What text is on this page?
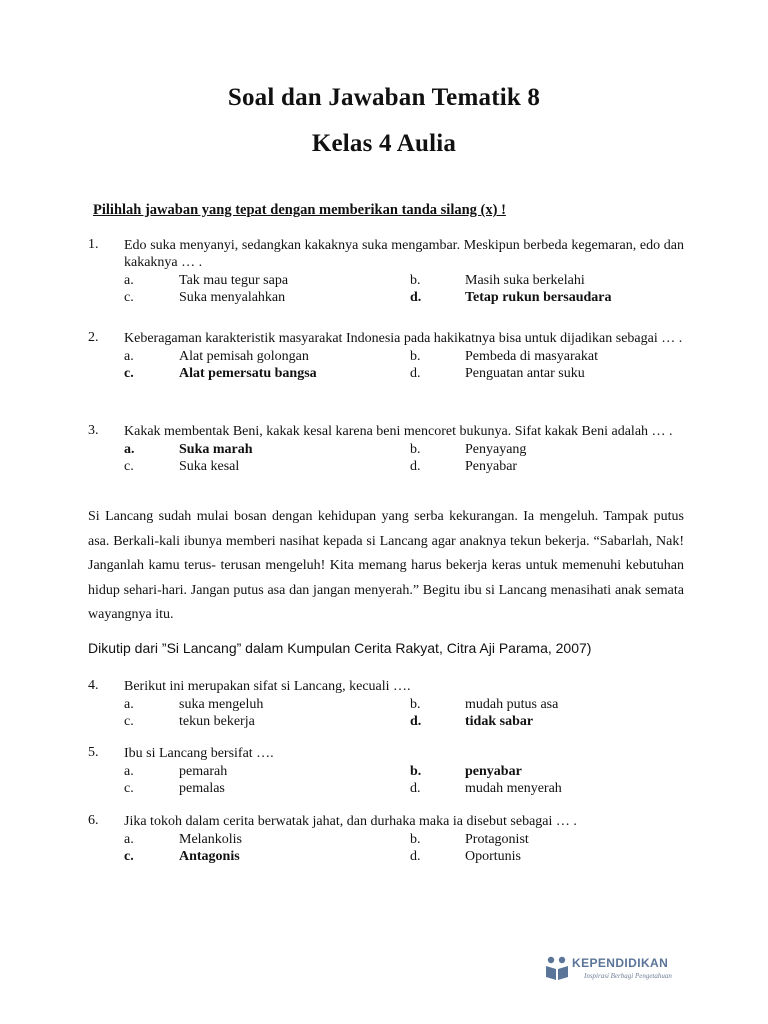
Soal dan Jawaban Tematik 8
Kelas 4 Aulia
Pilihlah jawaban yang tepat dengan memberikan tanda silang (x) !
1. Edo suka menyanyi, sedangkan kakaknya suka mengambar. Meskipun berbeda kegemaran, edo dan kakaknya … .
a.	Tak mau tegur sapa	b.	Masih suka berkelahi
c.	Suka menyalahkan	d.	Tetap rukun bersaudara
2. Keberagaman karakteristik masyarakat Indonesia pada hakikatnya bisa untuk dijadikan sebagai … .
a.	Alat pemisah golongan	b.	Pembeda di masyarakat
c.	Alat pemersatu bangsa	d.	Penguatan antar suku
3. Kakak membentak Beni, kakak kesal karena beni mencoret bukunya. Sifat kakak Beni adalah … .
a.	Suka marah	b.	Penyayang
c.	Suka kesal	d.	Penyabar
4. Berikut ini merupakan sifat si Lancang, kecuali ….
a.	suka mengeluh	b.	mudah putus asa
c.	tekun bekerja	d.	tidak sabar
5. Ibu si Lancang bersifat ….
a.	pemarah	b.	penyabar
c.	pemalas	d.	mudah menyerah
6. Jika tokoh dalam cerita berwatak jahat, dan durhaka maka ia disebut sebagai … .
a.	Melankolis	b.	Protagonist
c.	Antagonis	d.	Oportunis
Si Lancang sudah mulai bosan dengan kehidupan yang serba kekurangan. Ia mengeluh. Tampak putus asa. Berkali-kali ibunya memberi nasihat kepada si Lancang agar anaknya tekun bekerja. “Sabarlah, Nak! Janganlah kamu terus- terusan mengeluh! Kita memang harus bekerja keras untuk memenuhi kebutuhan hidup sehari-hari. Jangan putus asa dan jangan menyerah.” Begitu ibu si Lancang menasihati anak semata wayangnya itu.
Dikutip dari ”Si Lancang” dalam Kumpulan Cerita Rakyat, Citra Aji Parama, 2007)
KEPENDIDIKAN
Inspirasi Berbagi Pengetahuan
